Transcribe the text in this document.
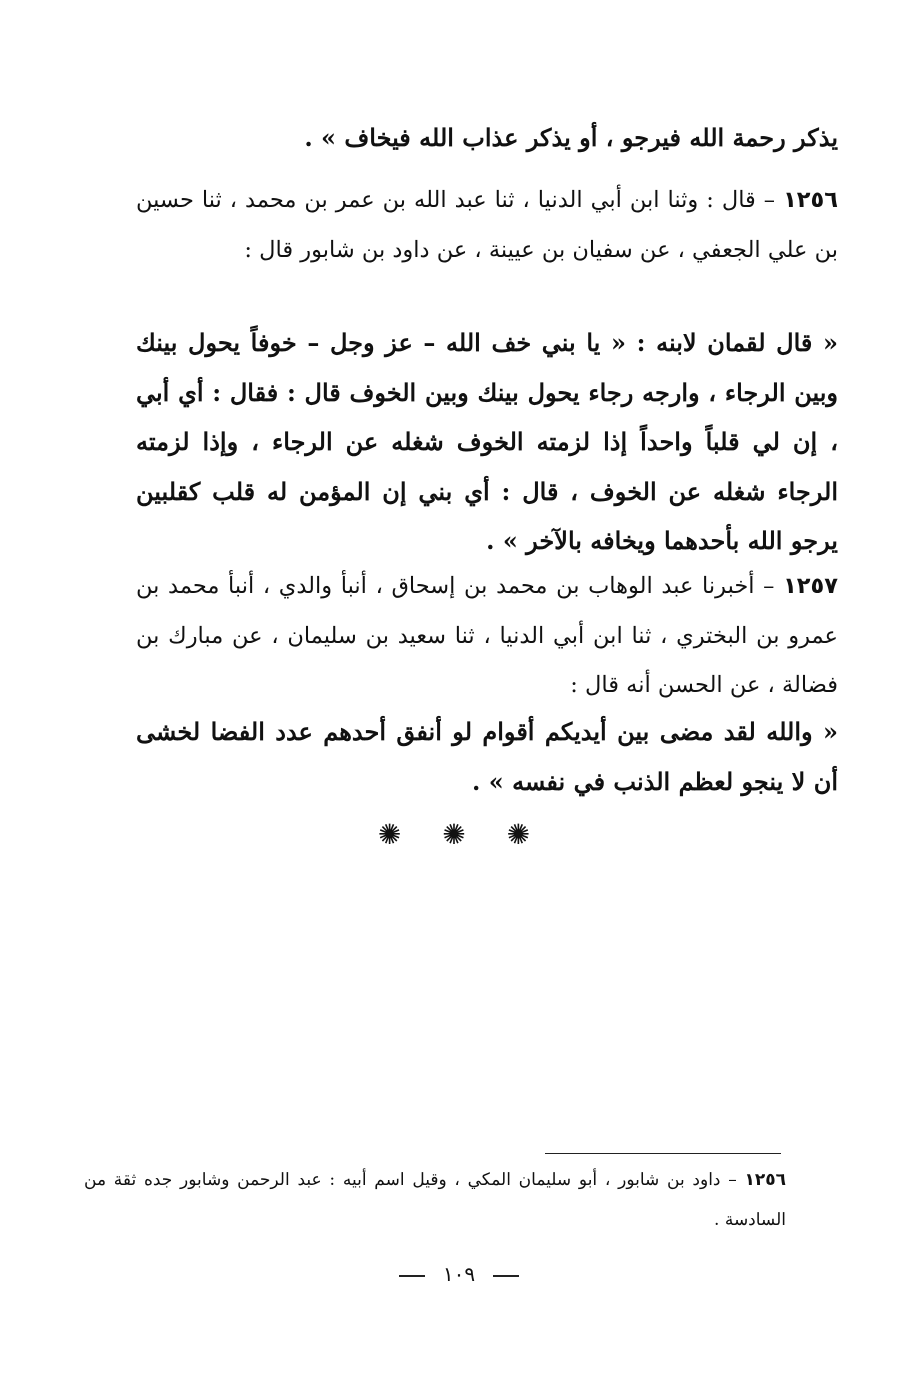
يذكر رحمة الله فيرجو ، أو يذكر عذاب الله فيخاف » .
١٢٥٦ – قال : وثنا ابن أبي الدنيا ، ثنا عبد الله بن عمر بن محمد ، ثنا حسين بن علي الجعفي ، عن سفيان بن عيينة ، عن داود بن شابور قال :
« قال لقمان لابنه : « يا بني خف الله – عز وجل – خوفاً يحول بينك وبين الرجاء ، وارجه رجاء يحول بينك وبين الخوف قال : فقال : أي أبي ، إن لي قلباً واحداً إذا لزمته الخوف شغله عن الرجاء ، وإذا لزمته الرجاء شغله عن الخوف ، قال : أي بني إن المؤمن له قلب كقلبين يرجو الله بأحدهما ويخافه بالآخر » .
١٢٥٧ – أخبرنا عبد الوهاب بن محمد بن إسحاق ، أنبأ والدي ، أنبأ محمد بن عمرو بن البختري ، ثنا ابن أبي الدنيا ، ثنا سعيد بن سليمان ، عن مبارك بن فضالة ، عن الحسن أنه قال :
« والله لقد مضى بين أيديكم أقوام لو أنفق أحدهم عدد الفضا لخشى أن لا ينجو لعظم الذنب في نفسه » .
✺ ✺ ✺
١٢٥٦ – داود بن شابور ، أبو سليمان المكي ، وقيل اسم أبيه : عبد الرحمن وشابور جده ثقة من السادسة .
١٠٩
